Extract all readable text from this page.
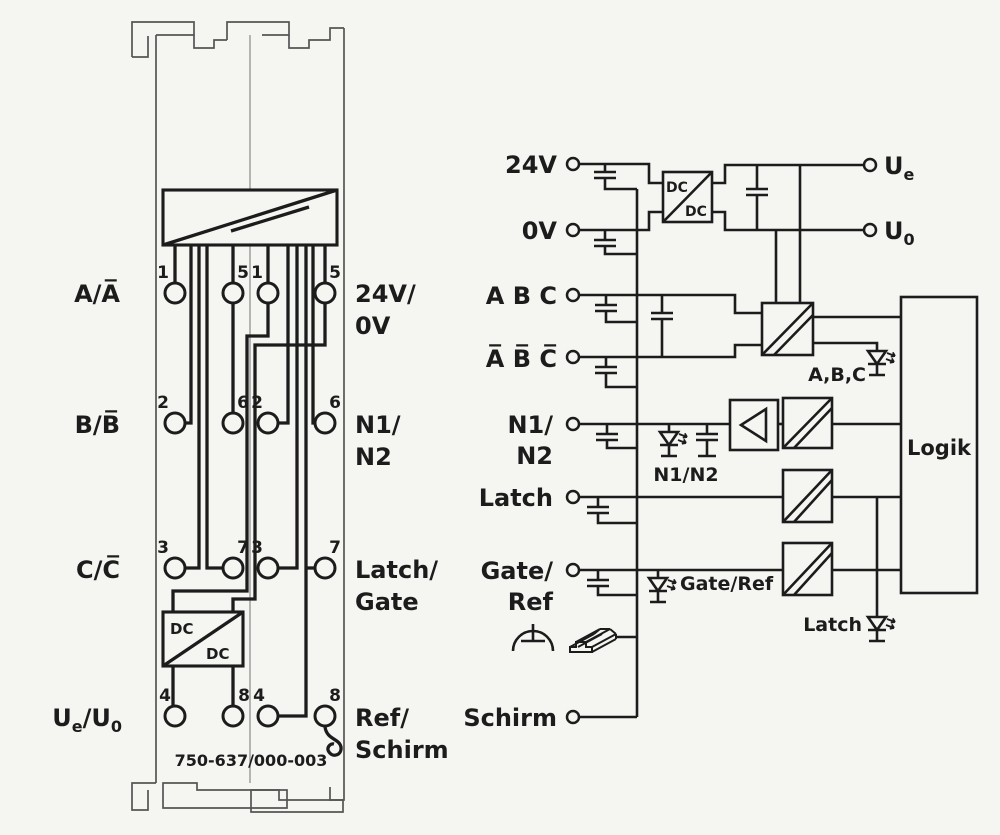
DC
DC
1	5 1	5
2	6 2	6
3	7 3	7
4	8 4	8
750-637/000-003
A/A̅
B/B̅
C/C̅
$U_e/U_0$
24V/
0V
N1/
N2
Latch/
Gate
Ref/
Schirm
DC
DC
Logik
24V
0V
A B C
A̅ B̅ C̅
N1/
N2
Latch
Gate/
Ref
Schirm
$U_e$
$U_0$
A,B,C
N1/N2
Gate/Ref
Latch
